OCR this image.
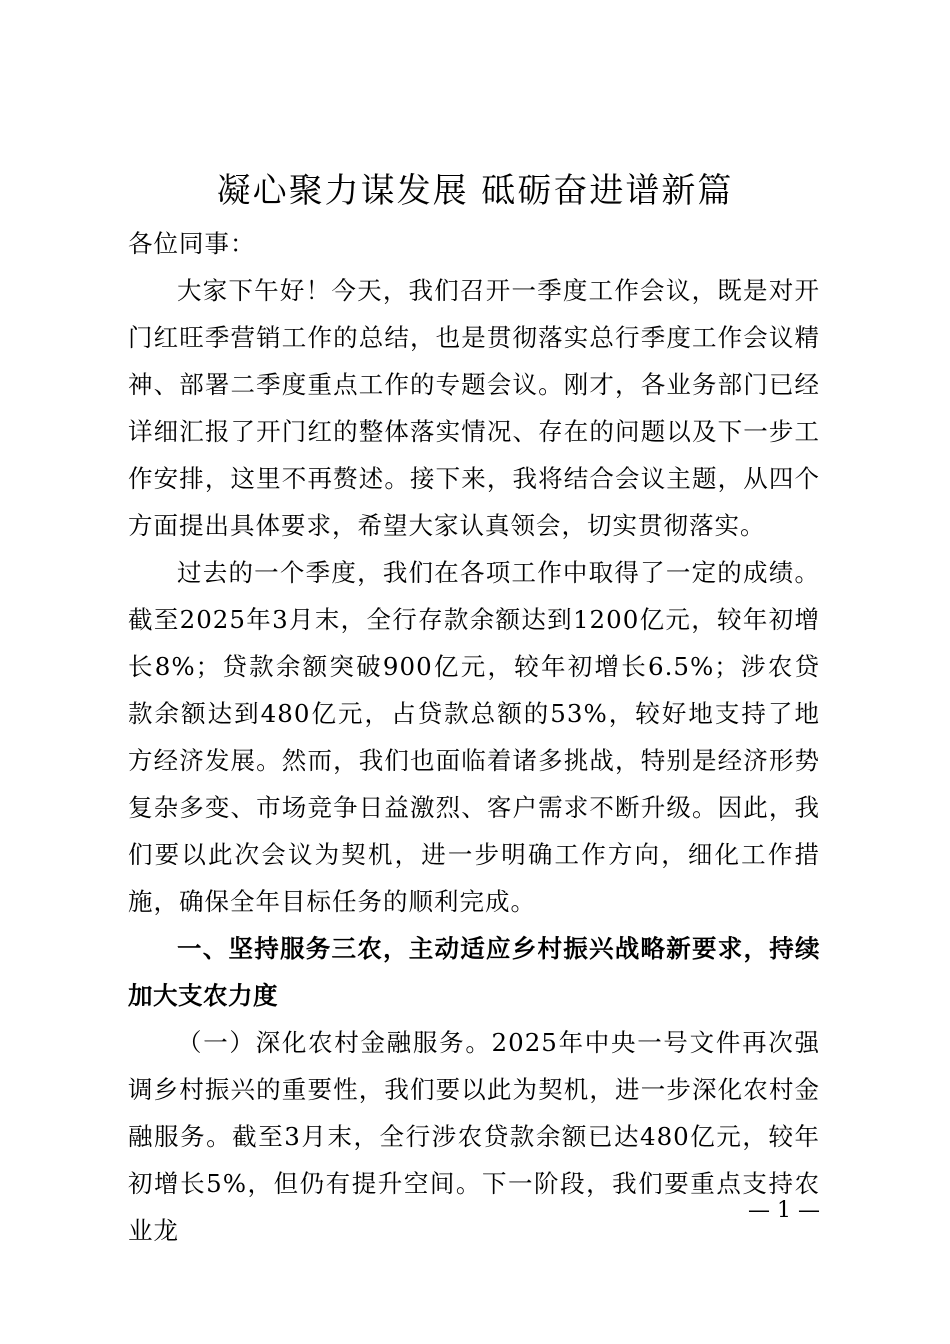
凝心聚力谋发展 砥砺奋进谱新篇

各位同事：

大家下午好！今天，我们召开一季度工作会议，既是对开门红旺季营销工作的总结，也是贯彻落实总行季度工作会议精神、部署二季度重点工作的专题会议。刚才，各业务部门已经详细汇报了开门红的整体落实情况、存在的问题以及下一步工作安排，这里不再赘述。接下来，我将结合会议主题，从四个方面提出具体要求，希望大家认真领会，切实贯彻落实。

过去的一个季度，我们在各项工作中取得了一定的成绩。截至2025年3月末，全行存款余额达到1200亿元，较年初增长8%；贷款余额突破900亿元，较年初增长6.5%；涉农贷款余额达到480亿元，占贷款总额的53%，较好地支持了地方经济发展。然而，我们也面临着诸多挑战，特别是经济形势复杂多变、市场竞争日益激烈、客户需求不断升级。因此，我们要以此次会议为契机，进一步明确工作方向，细化工作措施，确保全年目标任务的顺利完成。

一、坚持服务三农，主动适应乡村振兴战略新要求，持续加大支农力度

（一）深化农村金融服务。2025年中央一号文件再次强调乡村振兴的重要性，我们要以此为契机，进一步深化农村金融服务。截至3月末，全行涉农贷款余额已达480亿元，较年初增长5%，但仍有提升空间。下一阶段，我们要重点支持农业龙

— 1 —
